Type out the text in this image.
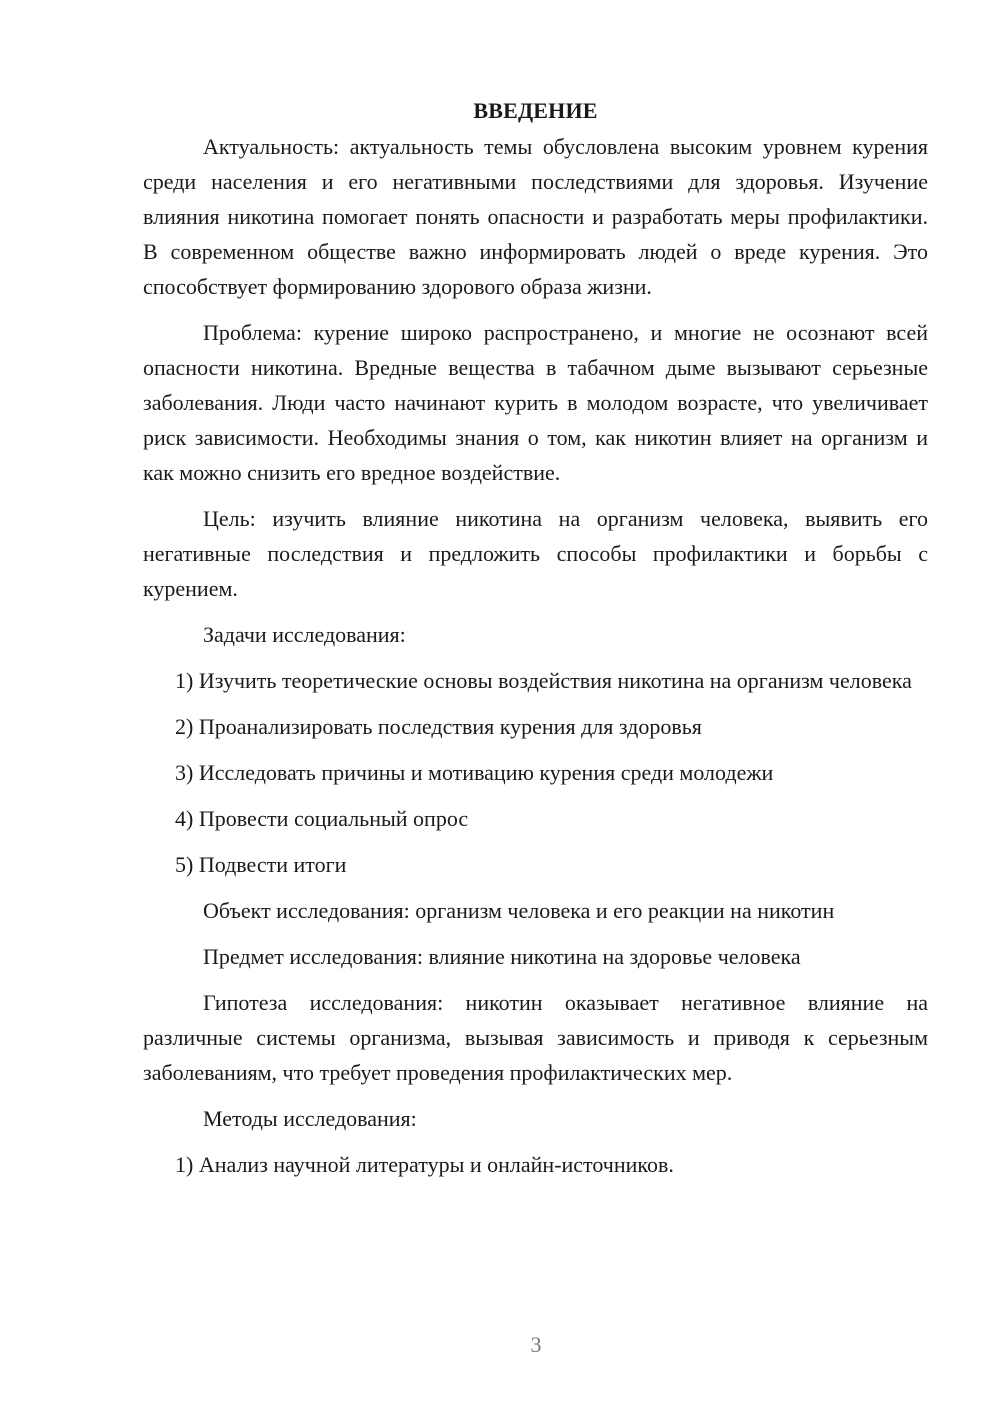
ВВЕДЕНИЕ

Актуальность: актуальность темы обусловлена высоким уровнем курения среди населения и его негативными последствиями для здоровья. Изучение влияния никотина помогает понять опасности и разработать меры профилактики. В современном обществе важно информировать людей о вреде курения. Это способствует формированию здорового образа жизни.

Проблема: курение широко распространено, и многие не осознают всей опасности никотина. Вредные вещества в табачном дыме вызывают серьезные заболевания. Люди часто начинают курить в молодом возрасте, что увеличивает риск зависимости. Необходимы знания о том, как никотин влияет на организм и как можно снизить его вредное воздействие.

Цель: изучить влияние никотина на организм человека, выявить его негативные последствия и предложить способы профилактики и борьбы с курением.

Задачи исследования:

1) Изучить теоретические основы воздействия никотина на организм человека

2) Проанализировать последствия курения для здоровья

3) Исследовать причины и мотивацию курения среди молодежи

4) Провести социальный опрос

5) Подвести итоги

Объект исследования: организм человека и его реакции на никотин

Предмет исследования: влияние никотина на здоровье человека

Гипотеза исследования: никотин оказывает негативное влияние на различные системы организма, вызывая зависимость и приводя к серьезным заболеваниям, что требует проведения профилактических мер.

Методы исследования:

1) Анализ научной литературы и онлайн-источников.

3
